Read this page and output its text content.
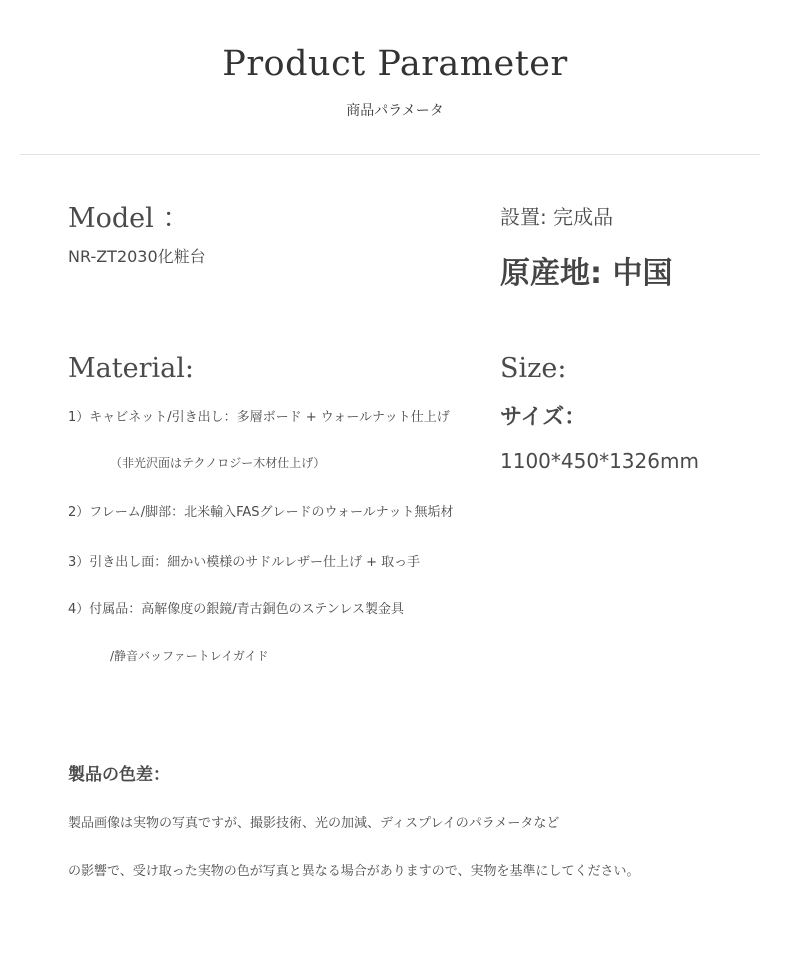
Product Parameter
商品パラメータ
Model ：
NR-ZT2030化粧台
設置: 完成品
原産地: 中国
Material:
1）キャビネット/引き出し：多層ボード + ウォールナット仕上げ
（非光沢面はテクノロジー木材仕上げ）
2）フレーム/脚部：北米輸入FASグレードのウォールナット無垢材
3）引き出し面：細かい模様のサドルレザー仕上げ + 取っ手
4）付属品：高解像度の銀鏡/青古銅色のステンレス製金具
/静音バッファートレイガイド
Size:
サイズ：
1100*450*1326mm
製品の色差：
製品画像は実物の写真ですが、撮影技術、光の加減、ディスプレイのパラメータなど
の影響で、受け取った実物の色が写真と異なる場合がありますので、実物を基準にしてください。
